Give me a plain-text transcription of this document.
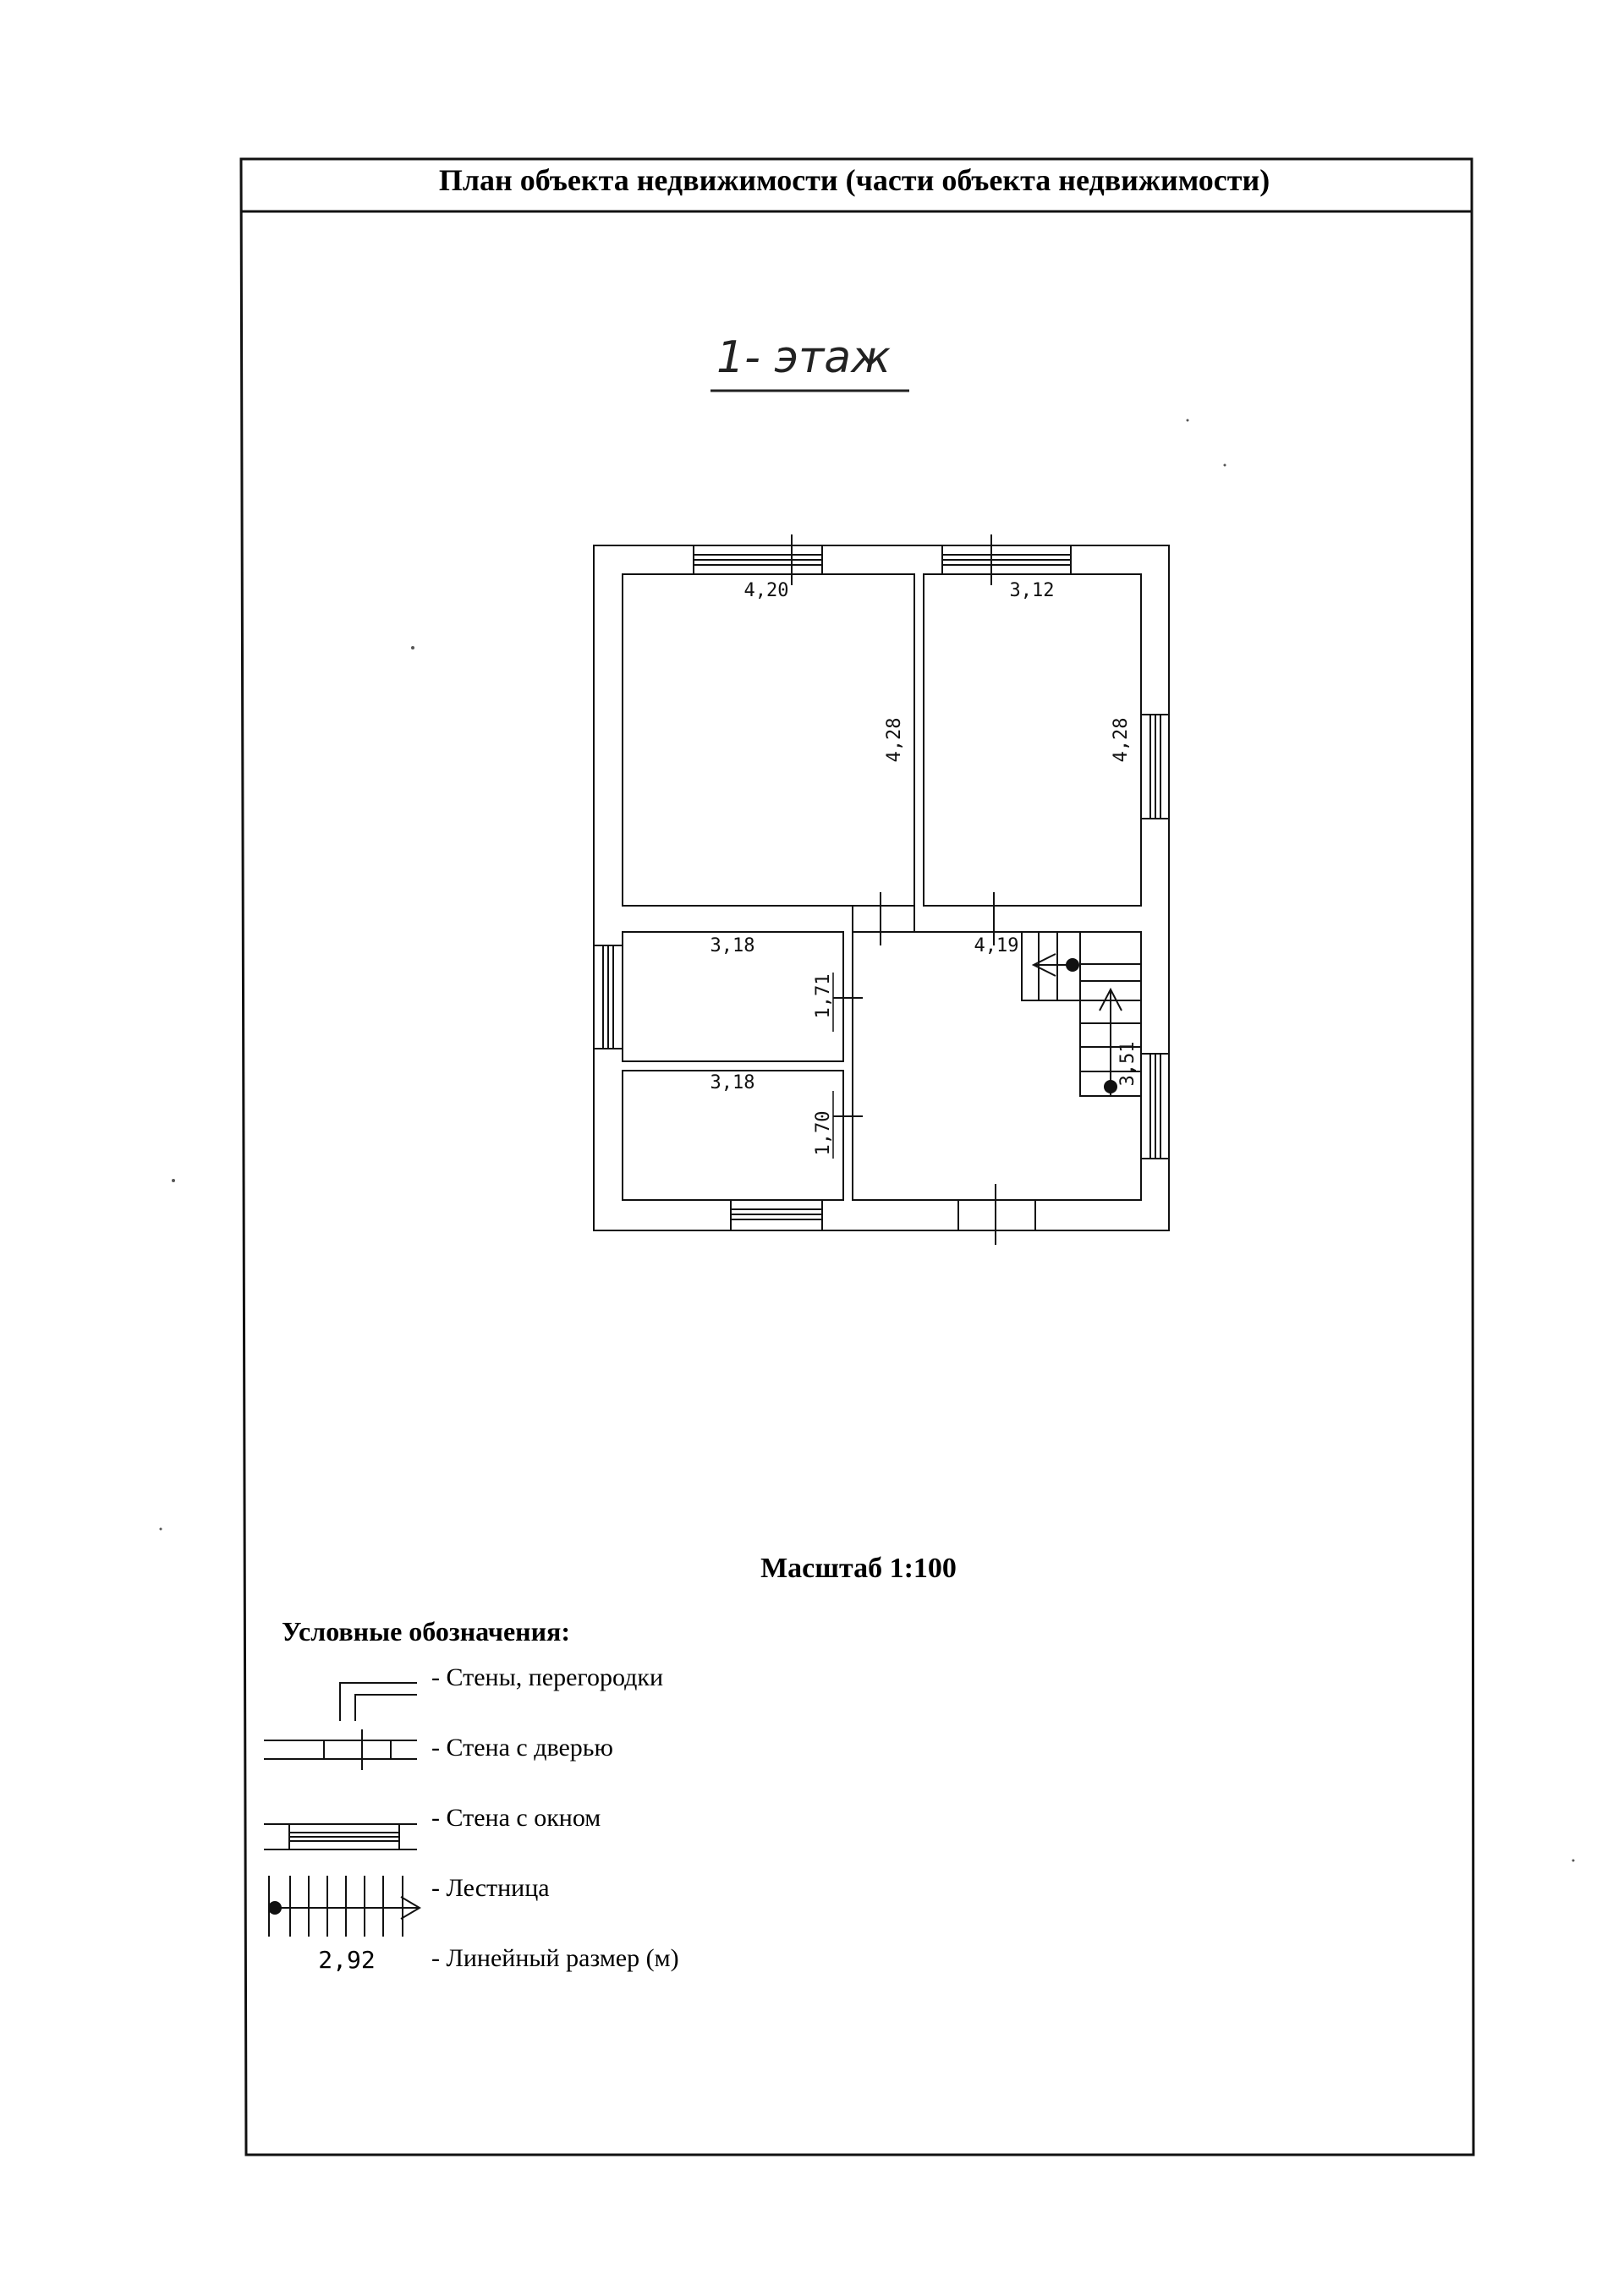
План объекта недвижимости (части объекта недвижимости)
1- этаж
4,20
4,28
3,12
4,28
3,18
1,71
3,18
1,70
4,19
3,51
Масштаб 1:100
Условные обозначения:
- Стены, перегородки
- Стена с дверью
- Стена с окном
- Лестница
2,92 - Линейный размер (м)
